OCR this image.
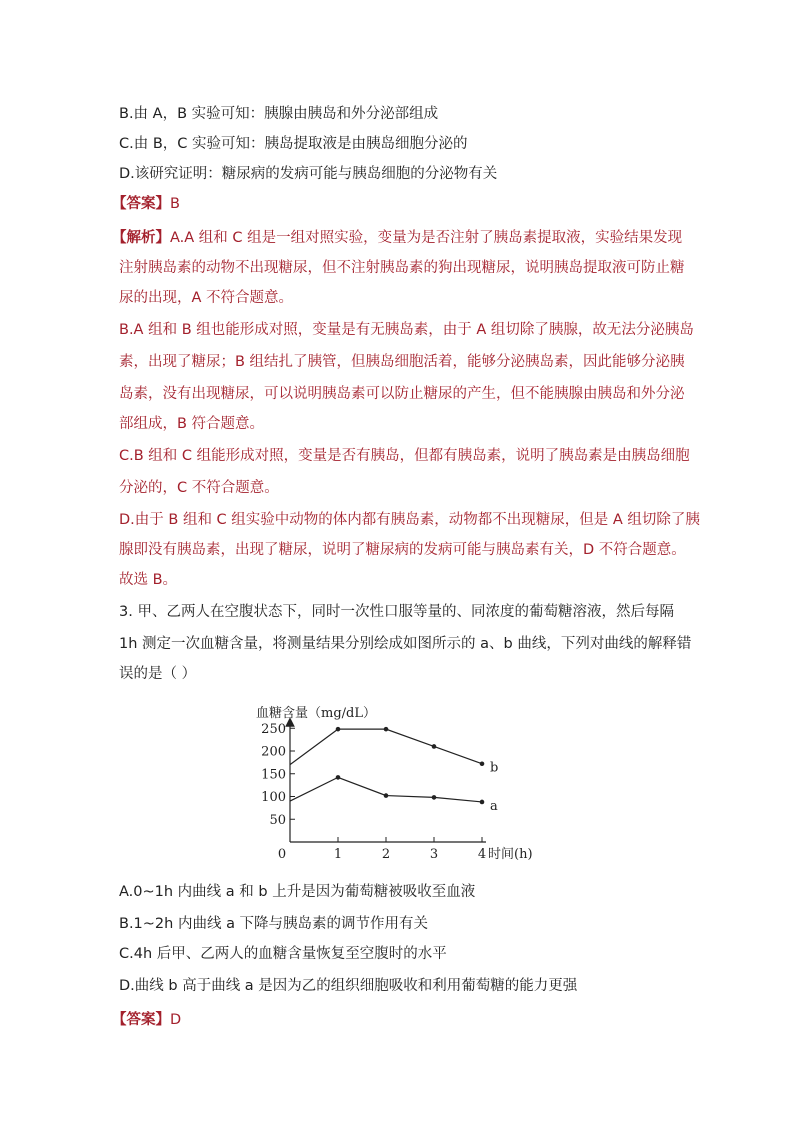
B.由 A，B 实验可知：胰腺由胰岛和外分泌部组成
C.由 B，C 实验可知：胰岛提取液是由胰岛细胞分泌的
D.该研究证明：糖尿病的发病可能与胰岛细胞的分泌物有关
【答案】B
【解析】A.A 组和 C 组是一组对照实验，变量为是否注射了胰岛素提取液，实验结果发现
注射胰岛素的动物不出现糖尿，但不注射胰岛素的狗出现糖尿，说明胰岛提取液可防止糖
尿的出现，A 不符合题意。
B.A 组和 B 组也能形成对照，变量是有无胰岛素，由于 A 组切除了胰腺，故无法分泌胰岛
素，出现了糖尿；B 组结扎了胰管，但胰岛细胞活着，能够分泌胰岛素，因此能够分泌胰
岛素，没有出现糖尿，可以说明胰岛素可以防止糖尿的产生，但不能胰腺由胰岛和外分泌
部组成，B 符合题意。
C.B 组和 C 组能形成对照，变量是否有胰岛，但都有胰岛素，说明了胰岛素是由胰岛细胞
分泌的，C 不符合题意。
D.由于 B 组和 C 组实验中动物的体内都有胰岛素，动物都不出现糖尿，但是 A 组切除了胰
腺即没有胰岛素，出现了糖尿，说明了糖尿病的发病可能与胰岛素有关，D 不符合题意。
故选 B。
3. 甲、乙两人在空腹状态下，同时一次性口服等量的、同浓度的葡萄糖溶液，然后每隔
1h 测定一次血糖含量，将测量结果分别绘成如图所示的 a、b 曲线，下列对曲线的解释错
误的是（ ）
血糖含量（mg/dL）
0	时间(h)
1	2	3	4
50
100
150
200
250
b
a
A.0~1h 内曲线 a 和 b 上升是因为葡萄糖被吸收至血液
B.1~2h 内曲线 a 下降与胰岛素的调节作用有关
C.4h 后甲、乙两人的血糖含量恢复至空腹时的水平
D.曲线 b 高于曲线 a 是因为乙的组织细胞吸收和利用葡萄糖的能力更强
【答案】D
